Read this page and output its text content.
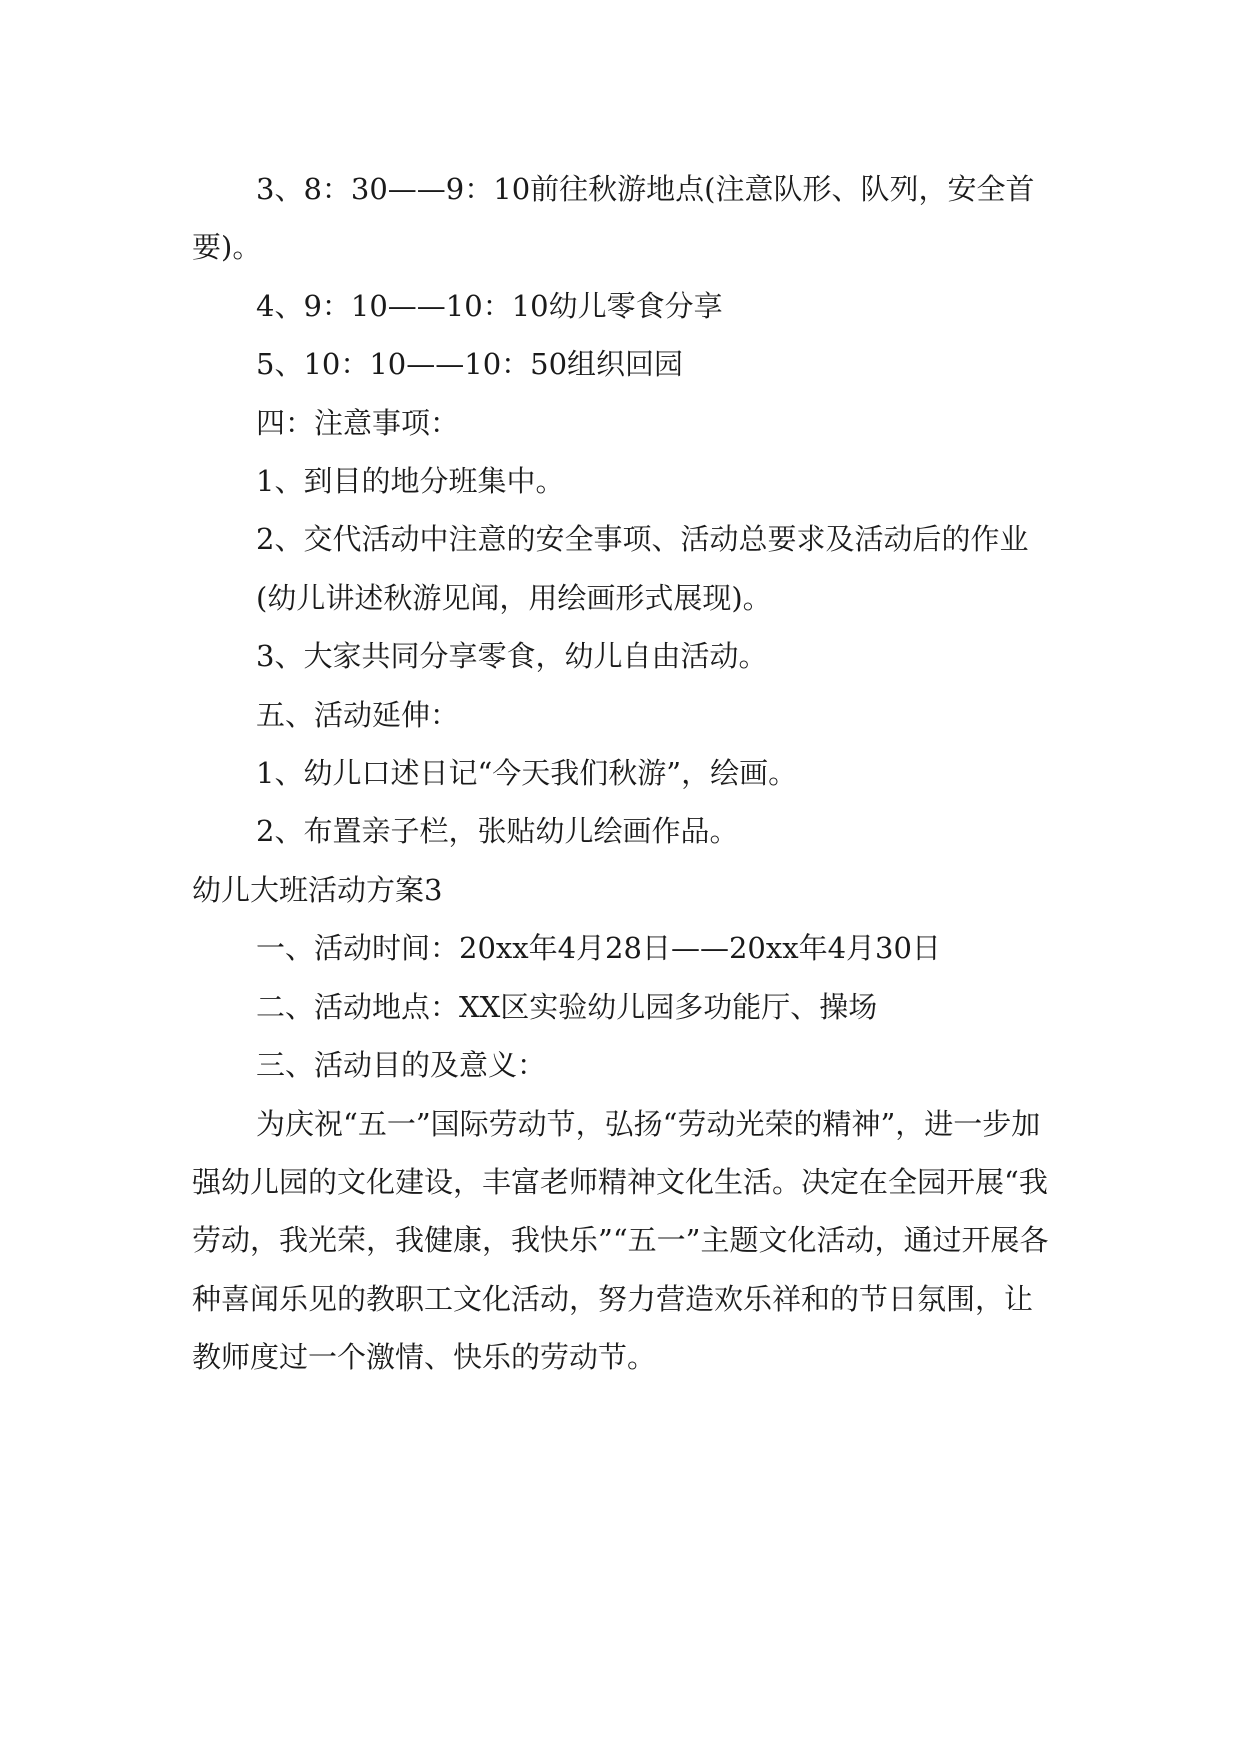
3、8：30——9：10前往秋游地点(注意队形、队列，安全首要)。

4、9：10——10：10幼儿零食分享

5、10：10——10：50组织回园

四：注意事项：

1、到目的地分班集中。

2、交代活动中注意的安全事项、活动总要求及活动后的作业

(幼儿讲述秋游见闻，用绘画形式展现)。

3、大家共同分享零食，幼儿自由活动。

五、活动延伸：

1、幼儿口述日记“今天我们秋游”，绘画。

2、布置亲子栏，张贴幼儿绘画作品。

幼儿大班活动方案3

一、活动时间：20xx年4月28日——20xx年4月30日

二、活动地点：XX区实验幼儿园多功能厅、操场

三、活动目的及意义：

为庆祝“五一”国际劳动节，弘扬“劳动光荣的精神”，进一步加强幼儿园的文化建设，丰富老师精神文化生活。决定在全园开展“我劳动，我光荣，我健康，我快乐”“五一”主题文化活动，通过开展各种喜闻乐见的教职工文化活动，努力营造欢乐祥和的节日氛围，让教师度过一个激情、快乐的劳动节。
